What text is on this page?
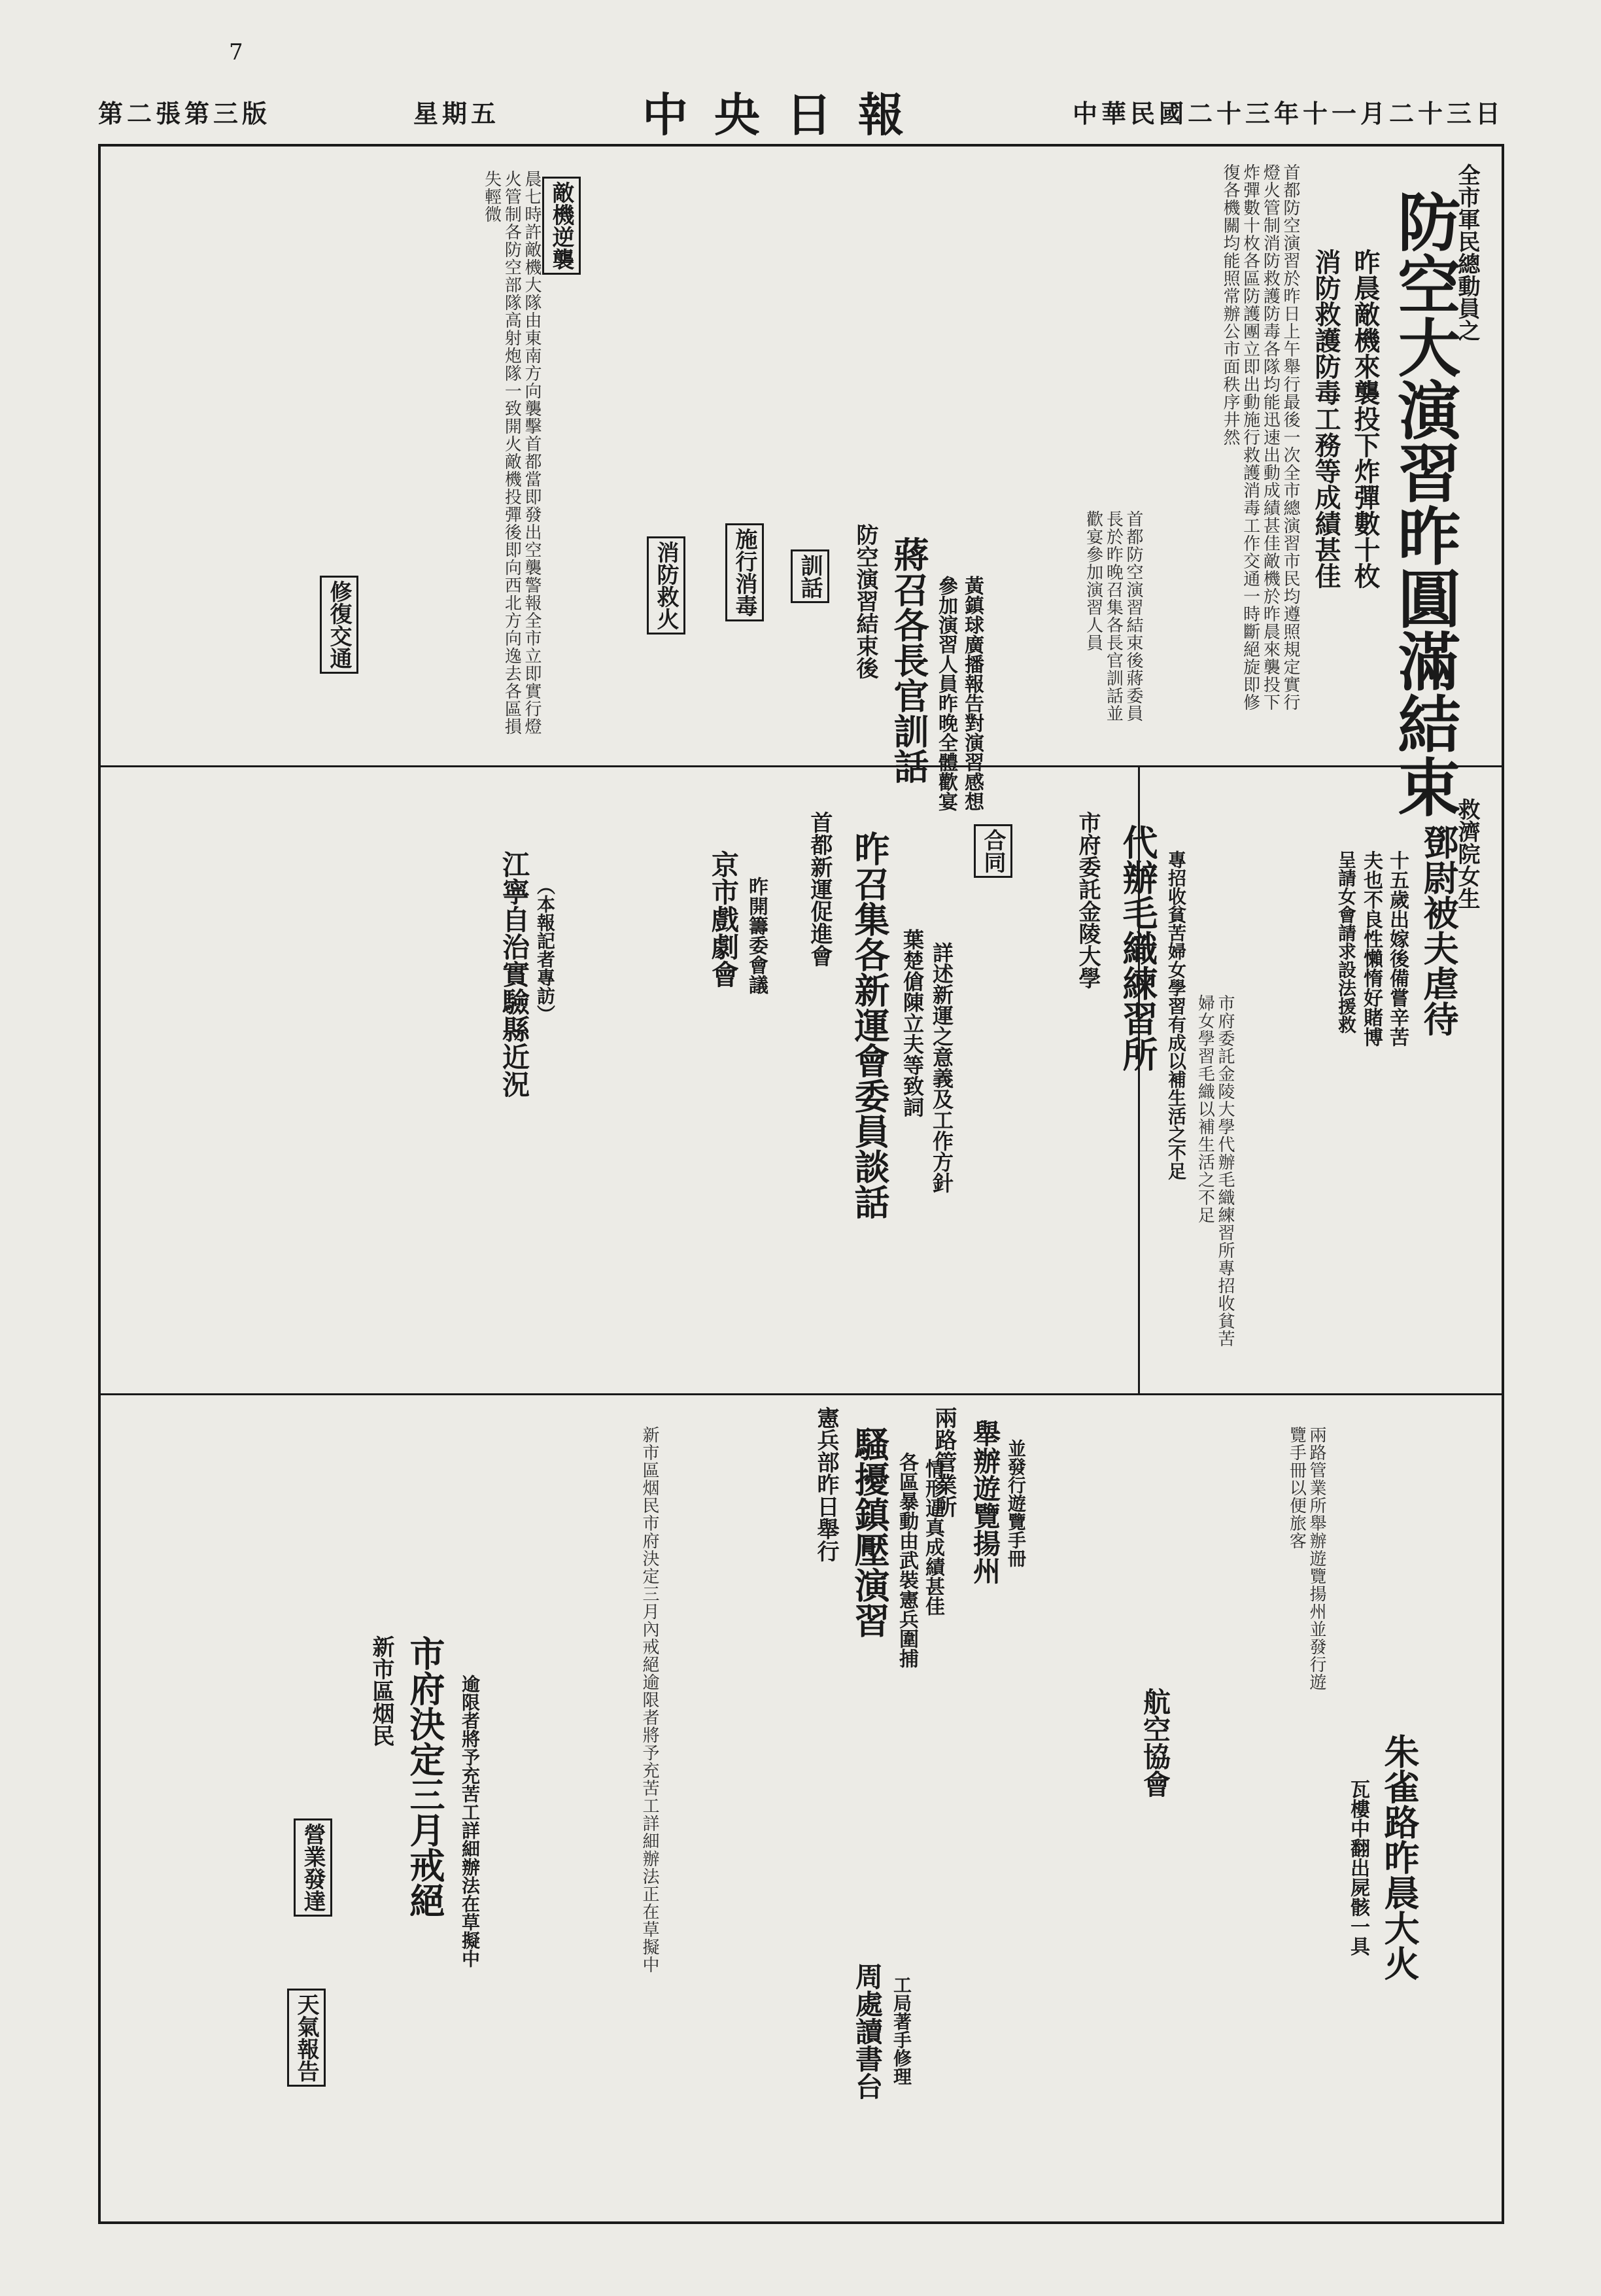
7
中華民國二十三年十一月二十三日
中央日報
星期五
第二張第三版
全市軍民總動員之
防空大演習昨圓滿結束
昨晨敵機來襲投下炸彈數十枚
消防救護防毒工務等成績甚佳
首都防空演習於昨日上午舉行最後一次全市總演習市民均遵照規定實行燈火管制消防救護防毒各隊均能迅速出動成績甚佳敵機於昨晨來襲投下炸彈數十枚各區防護團立即出動施行救護消毒工作交通一時斷絕旋即修復各機關均能照常辦公市面秩序井然
敵機逆襲
晨七時許敵機大隊由東南方向襲擊首都當即發出空襲警報全市立即實行燈火管制各防空部隊高射炮隊一致開火敵機投彈後即向西北方向逸去各區損失輕微
消防救火
修復交通
施行消毒	防空演習結束後 蔣召各長官訓話 參加演習人員昨晚全體歡宴 黃鎮球廣播報告對演習感想
訓話
京市戲劇會 昨開籌委會議
江寧自治實驗縣近況 （本報記者專訪）	首都新運促進會 昨召集各新運會委員談話 葉楚傖陳立夫等致詞 詳述新運之意義及工作方針
市府委託金陵大學 代辦毛織練習所 專招收貧苦婦女學習有成以補生活之不足
合同	救濟院女生
鄧尉被夫虐待
十五歲出嫁後備嘗辛苦
夫也不良性懶惰好賭博
呈請女會請求設法援救
兩路管業所 舉辦遊覽揚州 並發行遊覽手冊
憲兵部昨日舉行 騷擾鎮壓演習 各區暴動由武裝憲兵圍捕 情形逼真成績甚佳
新市區烟民 市府決定三月戒絕 逾限者將予充苦工詳細辦法在草擬中	航空協會	朱雀路昨晨大火
瓦樓中翻出屍骸一具
周處讀書台 工局著手修理
營業發達
天氣報告
首都防空演習結束後蔣委員長於昨晚召集各長官訓話並歡宴參加演習人員
市府委託金陵大學代辦毛織練習所專招收貧苦婦女學習毛織以補生活之不足
新市區烟民市府決定三月內戒絕逾限者將予充苦工詳細辦法正在草擬中	兩路管業所舉辦遊覽揚州並發行遊覽手冊以便旅客
